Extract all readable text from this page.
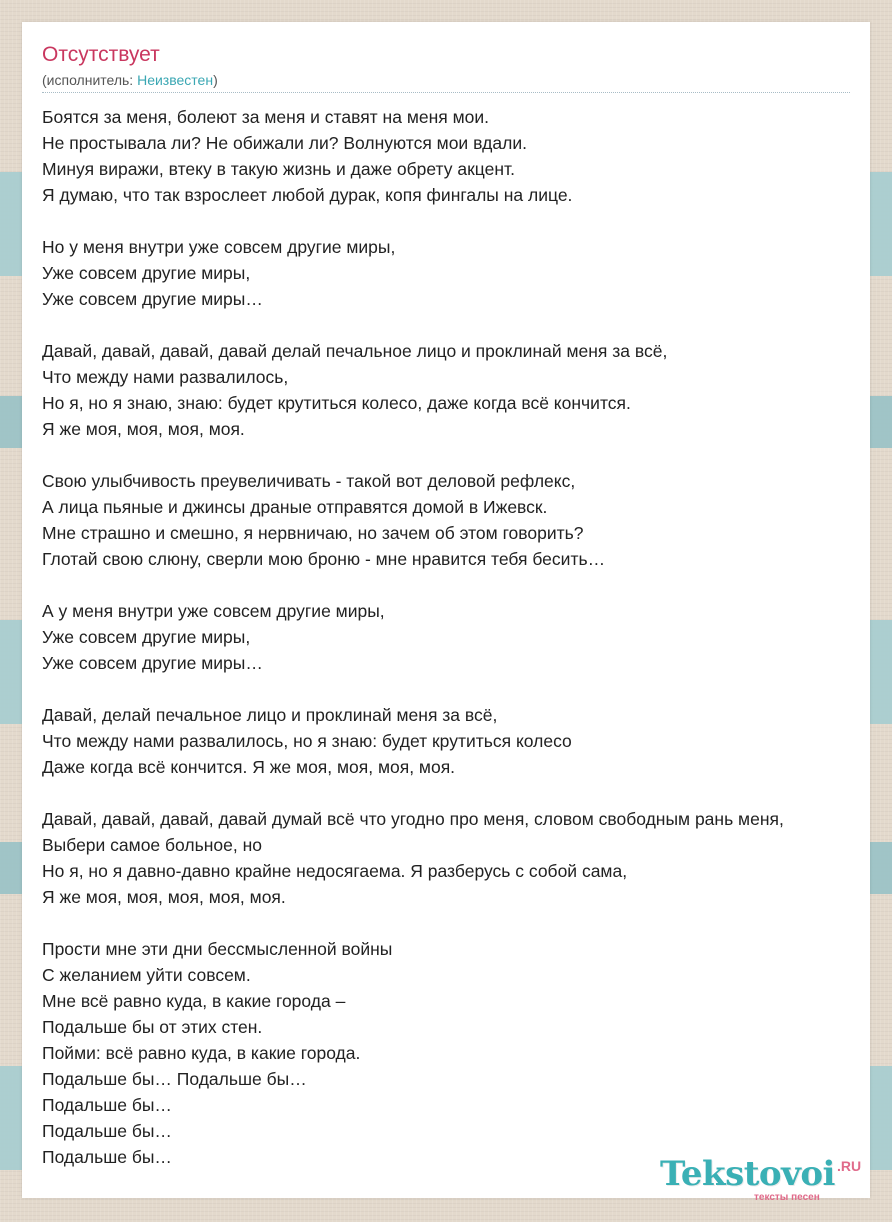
Отсутствует
(исполнитель: Неизвестен)
Боятся за меня, болеют за меня и ставят на меня мои.
Не простывала ли? Не обижали ли? Волнуются мои вдали.
Минуя виражи, втеку в такую жизнь и даже обрету акцент.
Я думаю, что так взрослеет любой дурак, копя фингалы на лице.
Но у меня внутри уже совсем другие миры,
Уже совсем другие миры,
Уже совсем другие миры…
Давай, давай, давай, давай делай печальное лицо и проклинай меня за всё,
Что между нами развалилось,
Но я, но я знаю, знаю: будет крутиться колесо, даже когда всё кончится.
Я же моя, моя, моя, моя.
Свою улыбчивость преувеличивать - такой вот деловой рефлекс,
А лица пьяные и джинсы драные отправятся домой в Ижевск.
Мне страшно и смешно, я нервничаю, но зачем об этом говорить?
Глотай свою слюну, сверли мою броню - мне нравится тебя бесить…
А у меня внутри уже совсем другие миры,
Уже совсем другие миры,
Уже совсем другие миры…
Давай, делай печальное лицо и проклинай меня за всё,
Что между нами развалилось, но я знаю: будет крутиться колесо
Даже когда всё кончится. Я же моя, моя, моя, моя.
Давай, давай, давай, давай думай всё что угодно про меня, словом свободным рань меня,
Выбери самое больное, но
Но я, но я давно-давно крайне недосягаема. Я разберусь с собой сама,
Я же моя, моя, моя, моя, моя.
Прости мне эти дни бессмысленной войны
С желанием уйти совсем.
Мне всё равно куда, в какие города –
Подальше бы от этих стен.
Пойми: всё равно куда, в какие города.
Подальше бы… Подальше бы…
Подальше бы…
Подальше бы…
Подальше бы…	Tekstovoi .RU
тексты песен
